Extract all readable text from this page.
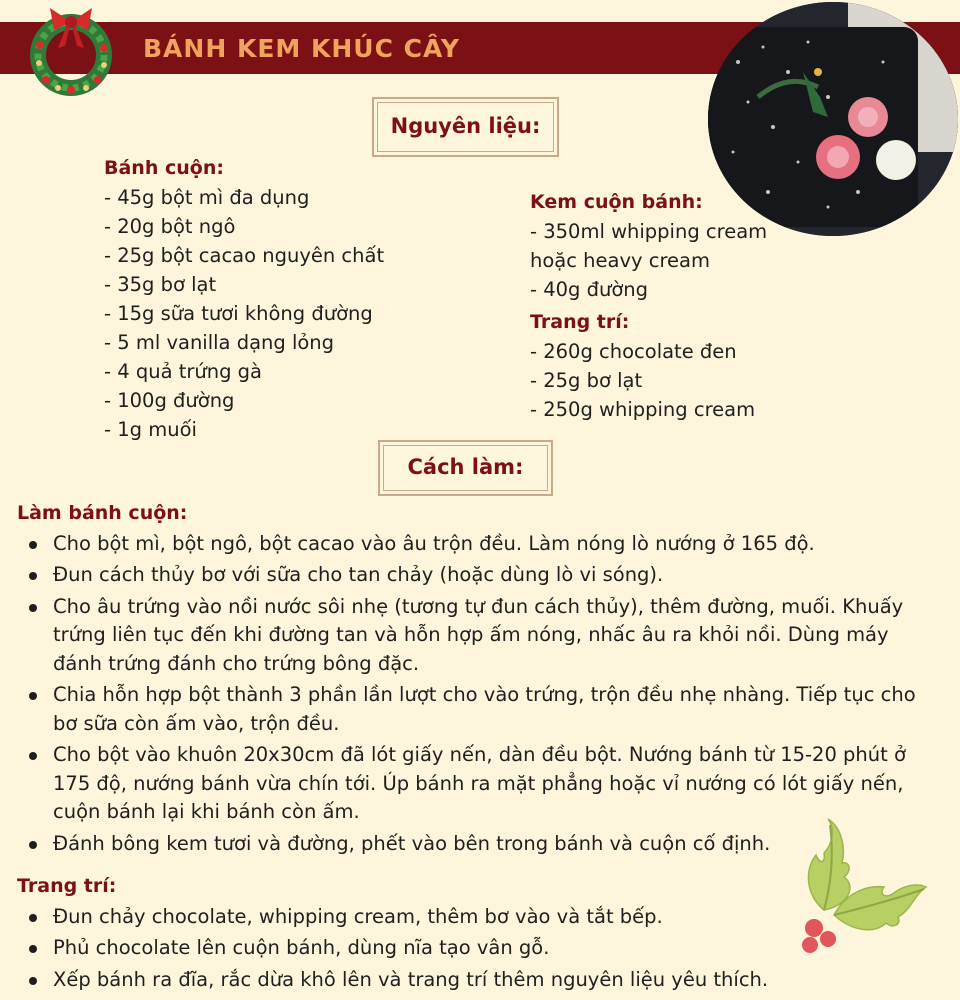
BÁNH KEM KHÚC CÂY
Nguyên liệu:
Bánh cuộn:
- 45g bột mì đa dụng
- 20g bột ngô
- 25g bột cacao nguyên chất
- 35g bơ lạt
- 15g sữa tươi không đường
- 5 ml vanilla dạng lỏng
- 4 quả trứng gà
- 100g đường
- 1g muối
Kem cuộn bánh:
- 350ml whipping cream
hoặc heavy cream
- 40g đường
Trang trí:
- 260g chocolate đen
- 25g bơ lạt
- 250g whipping cream
Cách làm:
Làm bánh cuộn:
Cho bột mì, bột ngô, bột cacao vào âu trộn đều. Làm nóng lò nướng ở 165 độ.
Đun cách thủy bơ với sữa cho tan chảy (hoặc dùng lò vi sóng).
Cho âu trứng vào nồi nước sôi nhẹ (tương tự đun cách thủy), thêm đường, muối. Khuấy trứng liên tục đến khi đường tan và hỗn hợp ấm nóng, nhấc âu ra khỏi nồi. Dùng máy đánh trứng đánh cho trứng bông đặc.
Chia hỗn hợp bột thành 3 phần lần lượt cho vào trứng, trộn đều nhẹ nhàng. Tiếp tục cho bơ sữa còn ấm vào, trộn đều.
Cho bột vào khuôn 20x30cm đã lót giấy nến, dàn đều bột. Nướng bánh từ 15-20 phút ở 175 độ, nướng bánh vừa chín tới. Úp bánh ra mặt phẳng hoặc vỉ nướng có lót giấy nến, cuộn bánh lại khi bánh còn ấm.
Đánh bông kem tươi và đường, phết vào bên trong bánh và cuộn cố định.
Trang trí:
Đun chảy chocolate, whipping cream, thêm bơ vào và tắt bếp.
Phủ chocolate lên cuộn bánh, dùng nĩa tạo vân gỗ.
Xếp bánh ra đĩa, rắc dừa khô lên và trang trí thêm nguyên liệu yêu thích.
